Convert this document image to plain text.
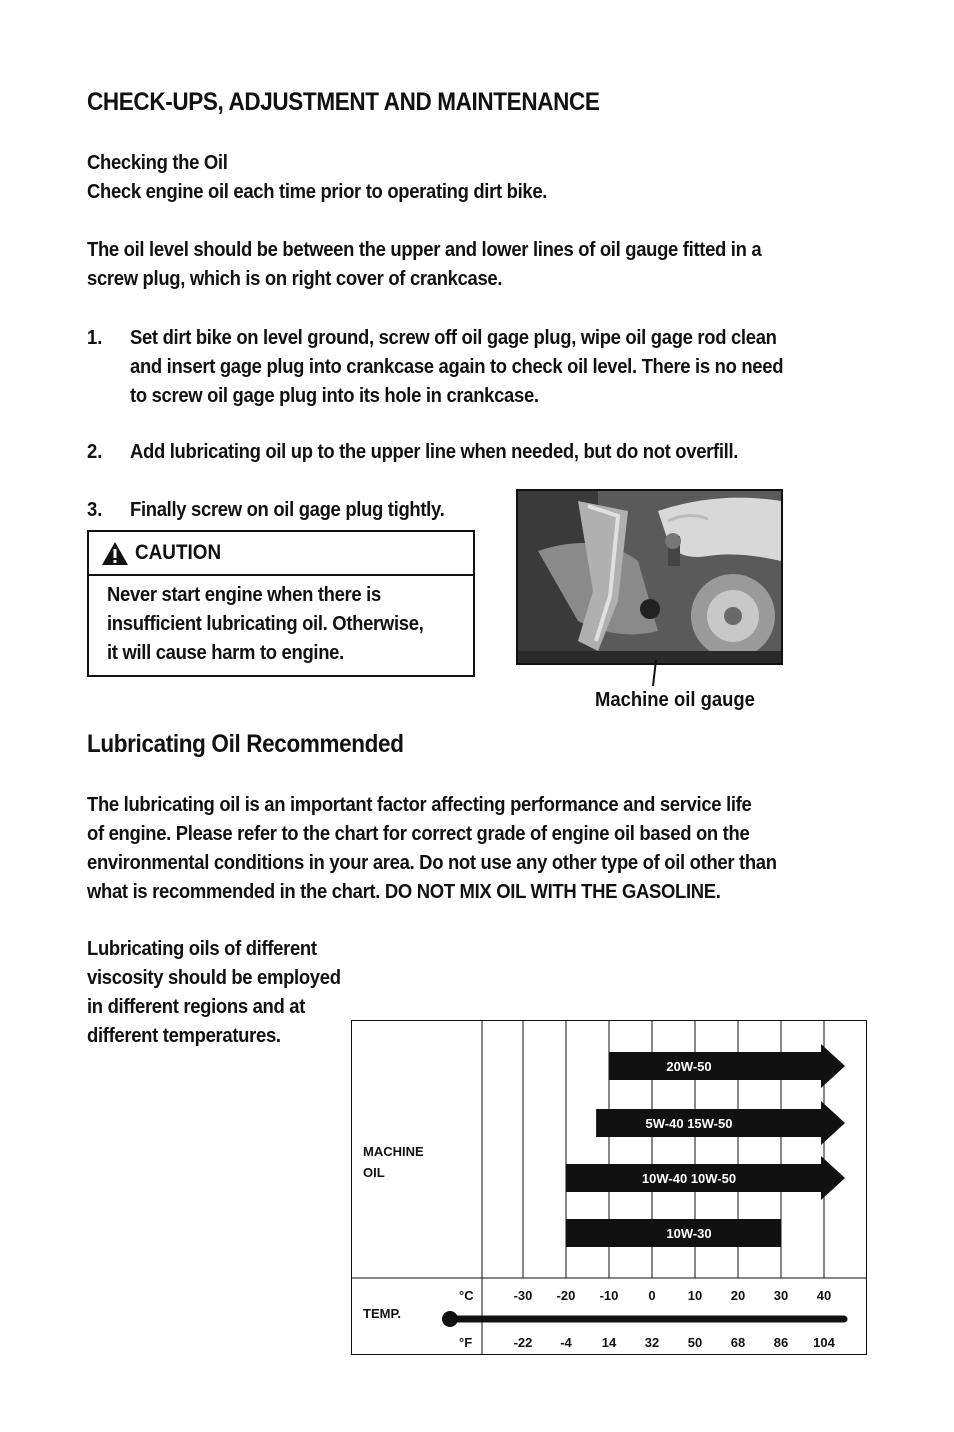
CHECK-UPS, ADJUSTMENT AND MAINTENANCE
Checking the Oil
Check engine oil each time prior to operating dirt bike.
The oil level should be between the upper and lower lines of oil gauge fitted in a
screw plug, which is on right cover of crankcase.
1. Set dirt bike on level ground, screw off oil gage plug, wipe oil gage rod clean
and insert gage plug into crankcase again to check oil level. There is no need
to screw oil gage plug into its hole in crankcase.
2. Add lubricating oil up to the upper line when needed, but do not overfill.
3. Finally screw on oil gage plug tightly.
CAUTION
Never start engine when there is
insufficient lubricating oil. Otherwise,
it will cause harm to engine.
Machine oil gauge
Lubricating Oil Recommended
The lubricating oil is an important factor affecting performance and service life
of engine. Please refer to the chart for correct grade of engine oil based on the
environmental conditions in your area. Do not use any other type of oil other than
what is recommended in the chart. DO NOT MIX OIL WITH THE GASOLINE.
Lubricating oils of different
viscosity should be employed
in different regions and at
different temperatures.
MACHINE
OIL
TEMP.
°C
°F
20W-50
5W-40 15W-50
10W-40 10W-50
10W-30
-30
-22
-20
-4
-10
14
0
32
10
50
20
68
30
86
40
104
